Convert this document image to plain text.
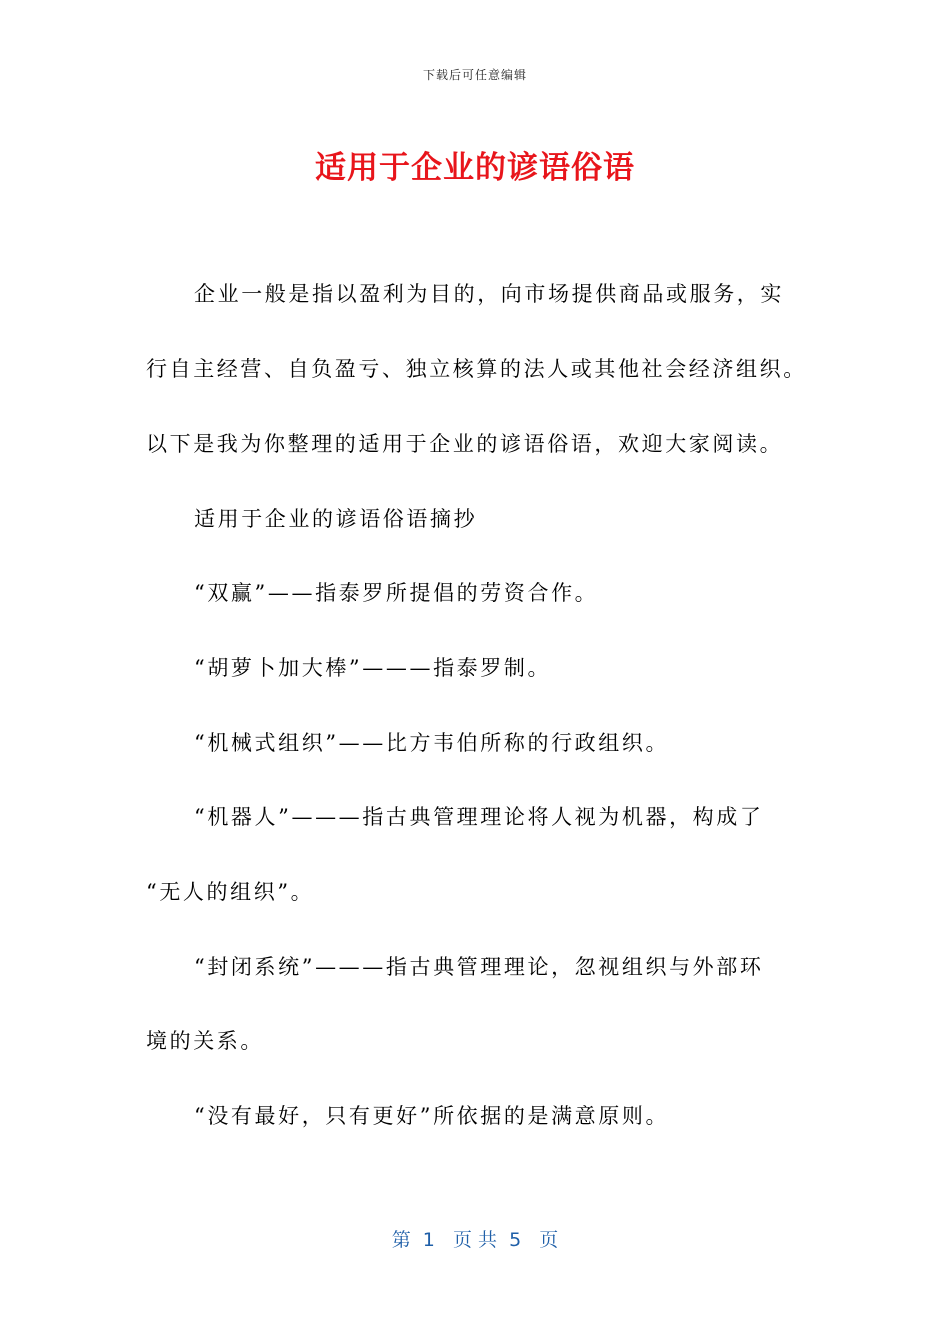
下载后可任意编辑
适用于企业的谚语俗语
企业一般是指以盈利为目的，向市场提供商品或服务，实
行自主经营、自负盈亏、独立核算的法人或其他社会经济组织。
以下是我为你整理的适用于企业的谚语俗语，欢迎大家阅读。
适用于企业的谚语俗语摘抄
“双赢”——指泰罗所提倡的劳资合作。
“胡萝卜加大棒”———指泰罗制。
“机械式组织”——比方韦伯所称的行政组织。
“机器人”———指古典管理理论将人视为机器，构成了
“无人的组织”。
“封闭系统”———指古典管理理论，忽视组织与外部环
境的关系。
“没有最好，只有更好”所依据的是满意原则。
第  1   页 共  5   页
